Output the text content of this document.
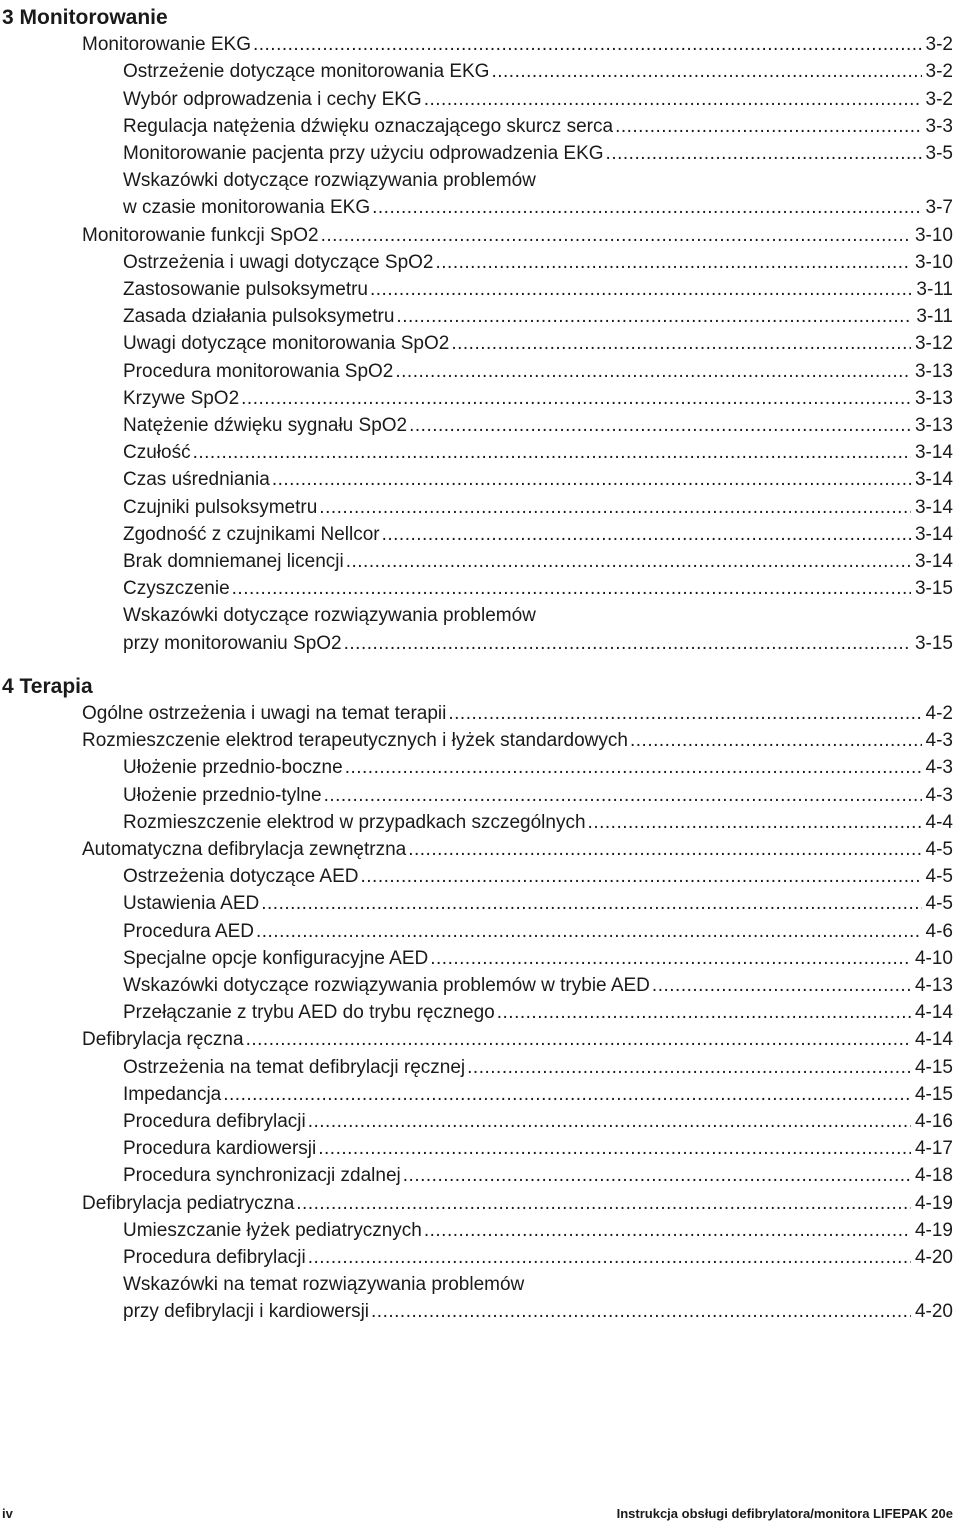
3 Monitorowanie
Monitorowanie EKG .....	3-2
Ostrzeżenie dotyczące monitorowania EKG .....	3-2
Wybór odprowadzenia i cechy EKG .....	3-2
Regulacja natężenia dźwięku oznaczającego skurcz serca .....	3-3
Monitorowanie pacjenta przy użyciu odprowadzenia EKG .....	3-5
Wskazówki dotyczące rozwiązywania problemów
w czasie monitorowania EKG .....	3-7
Monitorowanie funkcji SpO2 .....	3-10
Ostrzeżenia i uwagi dotyczące SpO2 .....	3-10
Zastosowanie pulsoksymetru .....	3-11
Zasada działania pulsoksymetru .....	3-11
Uwagi dotyczące monitorowania SpO2 .....	3-12
Procedura monitorowania SpO2 .....	3-13
Krzywe SpO2 .....	3-13
Natężenie dźwięku sygnału SpO2 .....	3-13
Czułość .....	3-14
Czas uśredniania .....	3-14
Czujniki pulsoksymetru .....	3-14
Zgodność z czujnikami Nellcor .....	3-14
Brak domniemanej licencji .....	3-14
Czyszczenie .....	3-15
Wskazówki dotyczące rozwiązywania problemów
przy monitorowaniu SpO2 .....	3-15
4 Terapia
Ogólne ostrzeżenia i uwagi na temat terapii .....	4-2
Rozmieszczenie elektrod terapeutycznych i łyżek standardowych .....	4-3
Ułożenie przednio-boczne .....	4-3
Ułożenie przednio-tylne .....	4-3
Rozmieszczenie elektrod w przypadkach szczególnych .....	4-4
Automatyczna defibrylacja zewnętrzna .....	4-5
Ostrzeżenia dotyczące AED .....	4-5
Ustawienia AED .....	4-5
Procedura AED .....	4-6
Specjalne opcje konfiguracyjne AED .....	4-10
Wskazówki dotyczące rozwiązywania problemów w trybie AED .....	4-13
Przełączanie z trybu AED do trybu ręcznego .....	4-14
Defibrylacja ręczna .....	4-14
Ostrzeżenia na temat defibrylacji ręcznej .....	4-15
Impedancja .....	4-15
Procedura defibrylacji .....	4-16
Procedura kardiowersji .....	4-17
Procedura synchronizacji zdalnej .....	4-18
Defibrylacja pediatryczna .....	4-19
Umieszczanie łyżek pediatrycznych .....	4-19
Procedura defibrylacji .....	4-20
Wskazówki na temat rozwiązywania problemów
przy defibrylacji i kardiowersji .....	4-20
iv	Instrukcja obsługi defibrylatora/monitora LIFEPAK 20e
